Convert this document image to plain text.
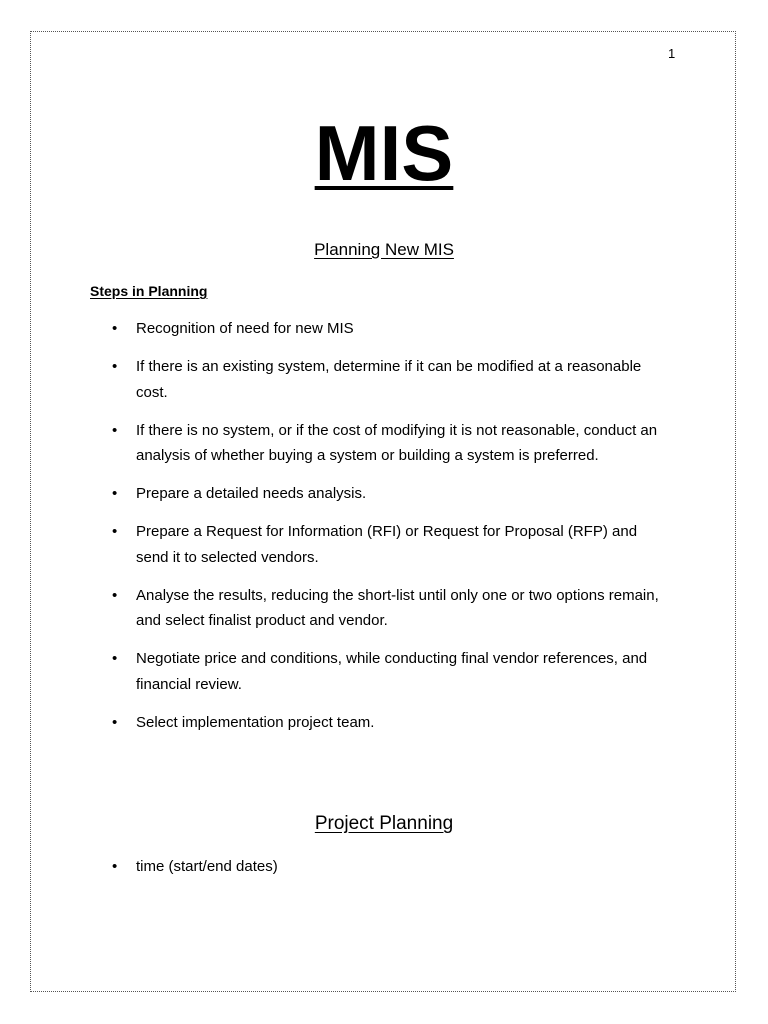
1
MIS
Planning New MIS
Steps in Planning
• Recognition of need for new MIS
• If there is an existing system, determine if it can be modified at a reasonable cost.
• If there is no system, or if the cost of modifying it is not reasonable, conduct an analysis of whether buying a system or building a system is preferred.
• Prepare a detailed needs analysis.
• Prepare a Request for Information (RFI) or Request for Proposal (RFP) and send it to selected vendors.
• Analyse the results, reducing the short-list until only one or two options remain, and select finalist product and vendor.
• Negotiate price and conditions, while conducting final vendor references, and financial review.
• Select implementation project team.
Project Planning
• time (start/end dates)
